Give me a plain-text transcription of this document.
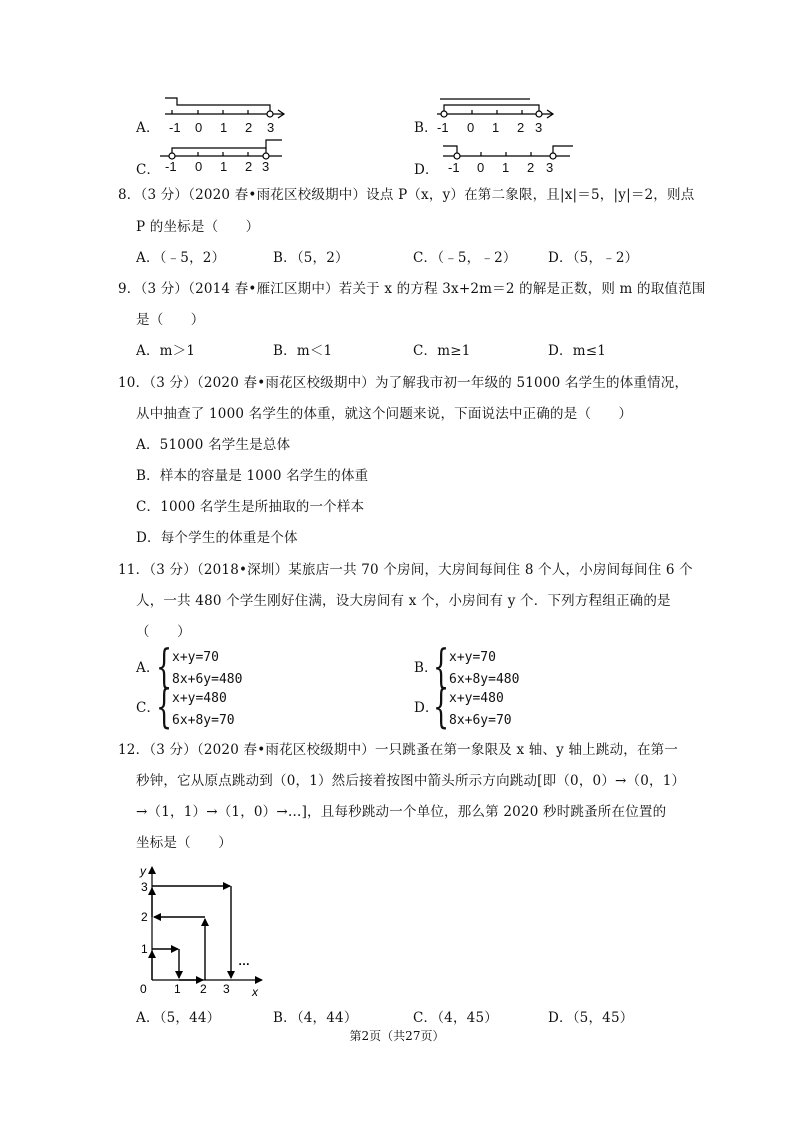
A． -1 0 1 2 3	B． -1 0 1 2 3
C． -1 0 1 2 3	D． -1 0 1 2 3
8．（3 分）（2020 春•雨花区校级期中）设点 P（x，y）在第二象限，且|x|＝5，|y|＝2，则点
P 的坐标是（　　）
A．（﹣5，2）	B．（5，2）	C．（﹣5，﹣2） D．（5，﹣2）
9．（3 分）（2014 春•雁江区期中）若关于 x 的方程 3x+2m＝2 的解是正数，则 m 的取值范围
是（　　）
A．m＞1	B．m＜1	C．m≥1	D．m≤1
10．（3 分）（2020 春•雨花区校级期中）为了解我市初一年级的 51000 名学生的体重情况，
从中抽查了 1000 名学生的体重，就这个问题来说，下面说法中正确的是（　　）
A．51000 名学生是总体
B．样本的容量是 1000 名学生的体重
C．1000 名学生是所抽取的一个样本
D．每个学生的体重是个体
11．（3 分）（2018•深圳）某旅店一共 70 个房间，大房间每间住 8 个人，小房间每间住 6 个
人，一共 480 个学生刚好住满，设大房间有 x 个，小房间有 y 个．下列方程组正确的是
（　　）
A．
{ x+y=70
8x+6y=480
B．
{ x+y=70
6x+8y=480
C．
{ x+y=480
6x+8y=70
D．
{ x+y=480
8x+6y=70
12．（3 分）（2020 春•雨花区校级期中）一只跳蚤在第一象限及 x 轴、y 轴上跳动，在第一
秒钟，它从原点跳动到（0，1）然后接着按图中箭头所示方向跳动[即（0，0）→（0，1）
→（1，1）→（1，0）→…]，且每秒跳动一个单位，那么第 2020 秒时跳蚤所在位置的
坐标是（　　）
y
x
0 1 2 3
1
2
3
…
A．（5，44）	B．（4，44）	C．（4，45）	D．（5，45）
第2页（共27页）
